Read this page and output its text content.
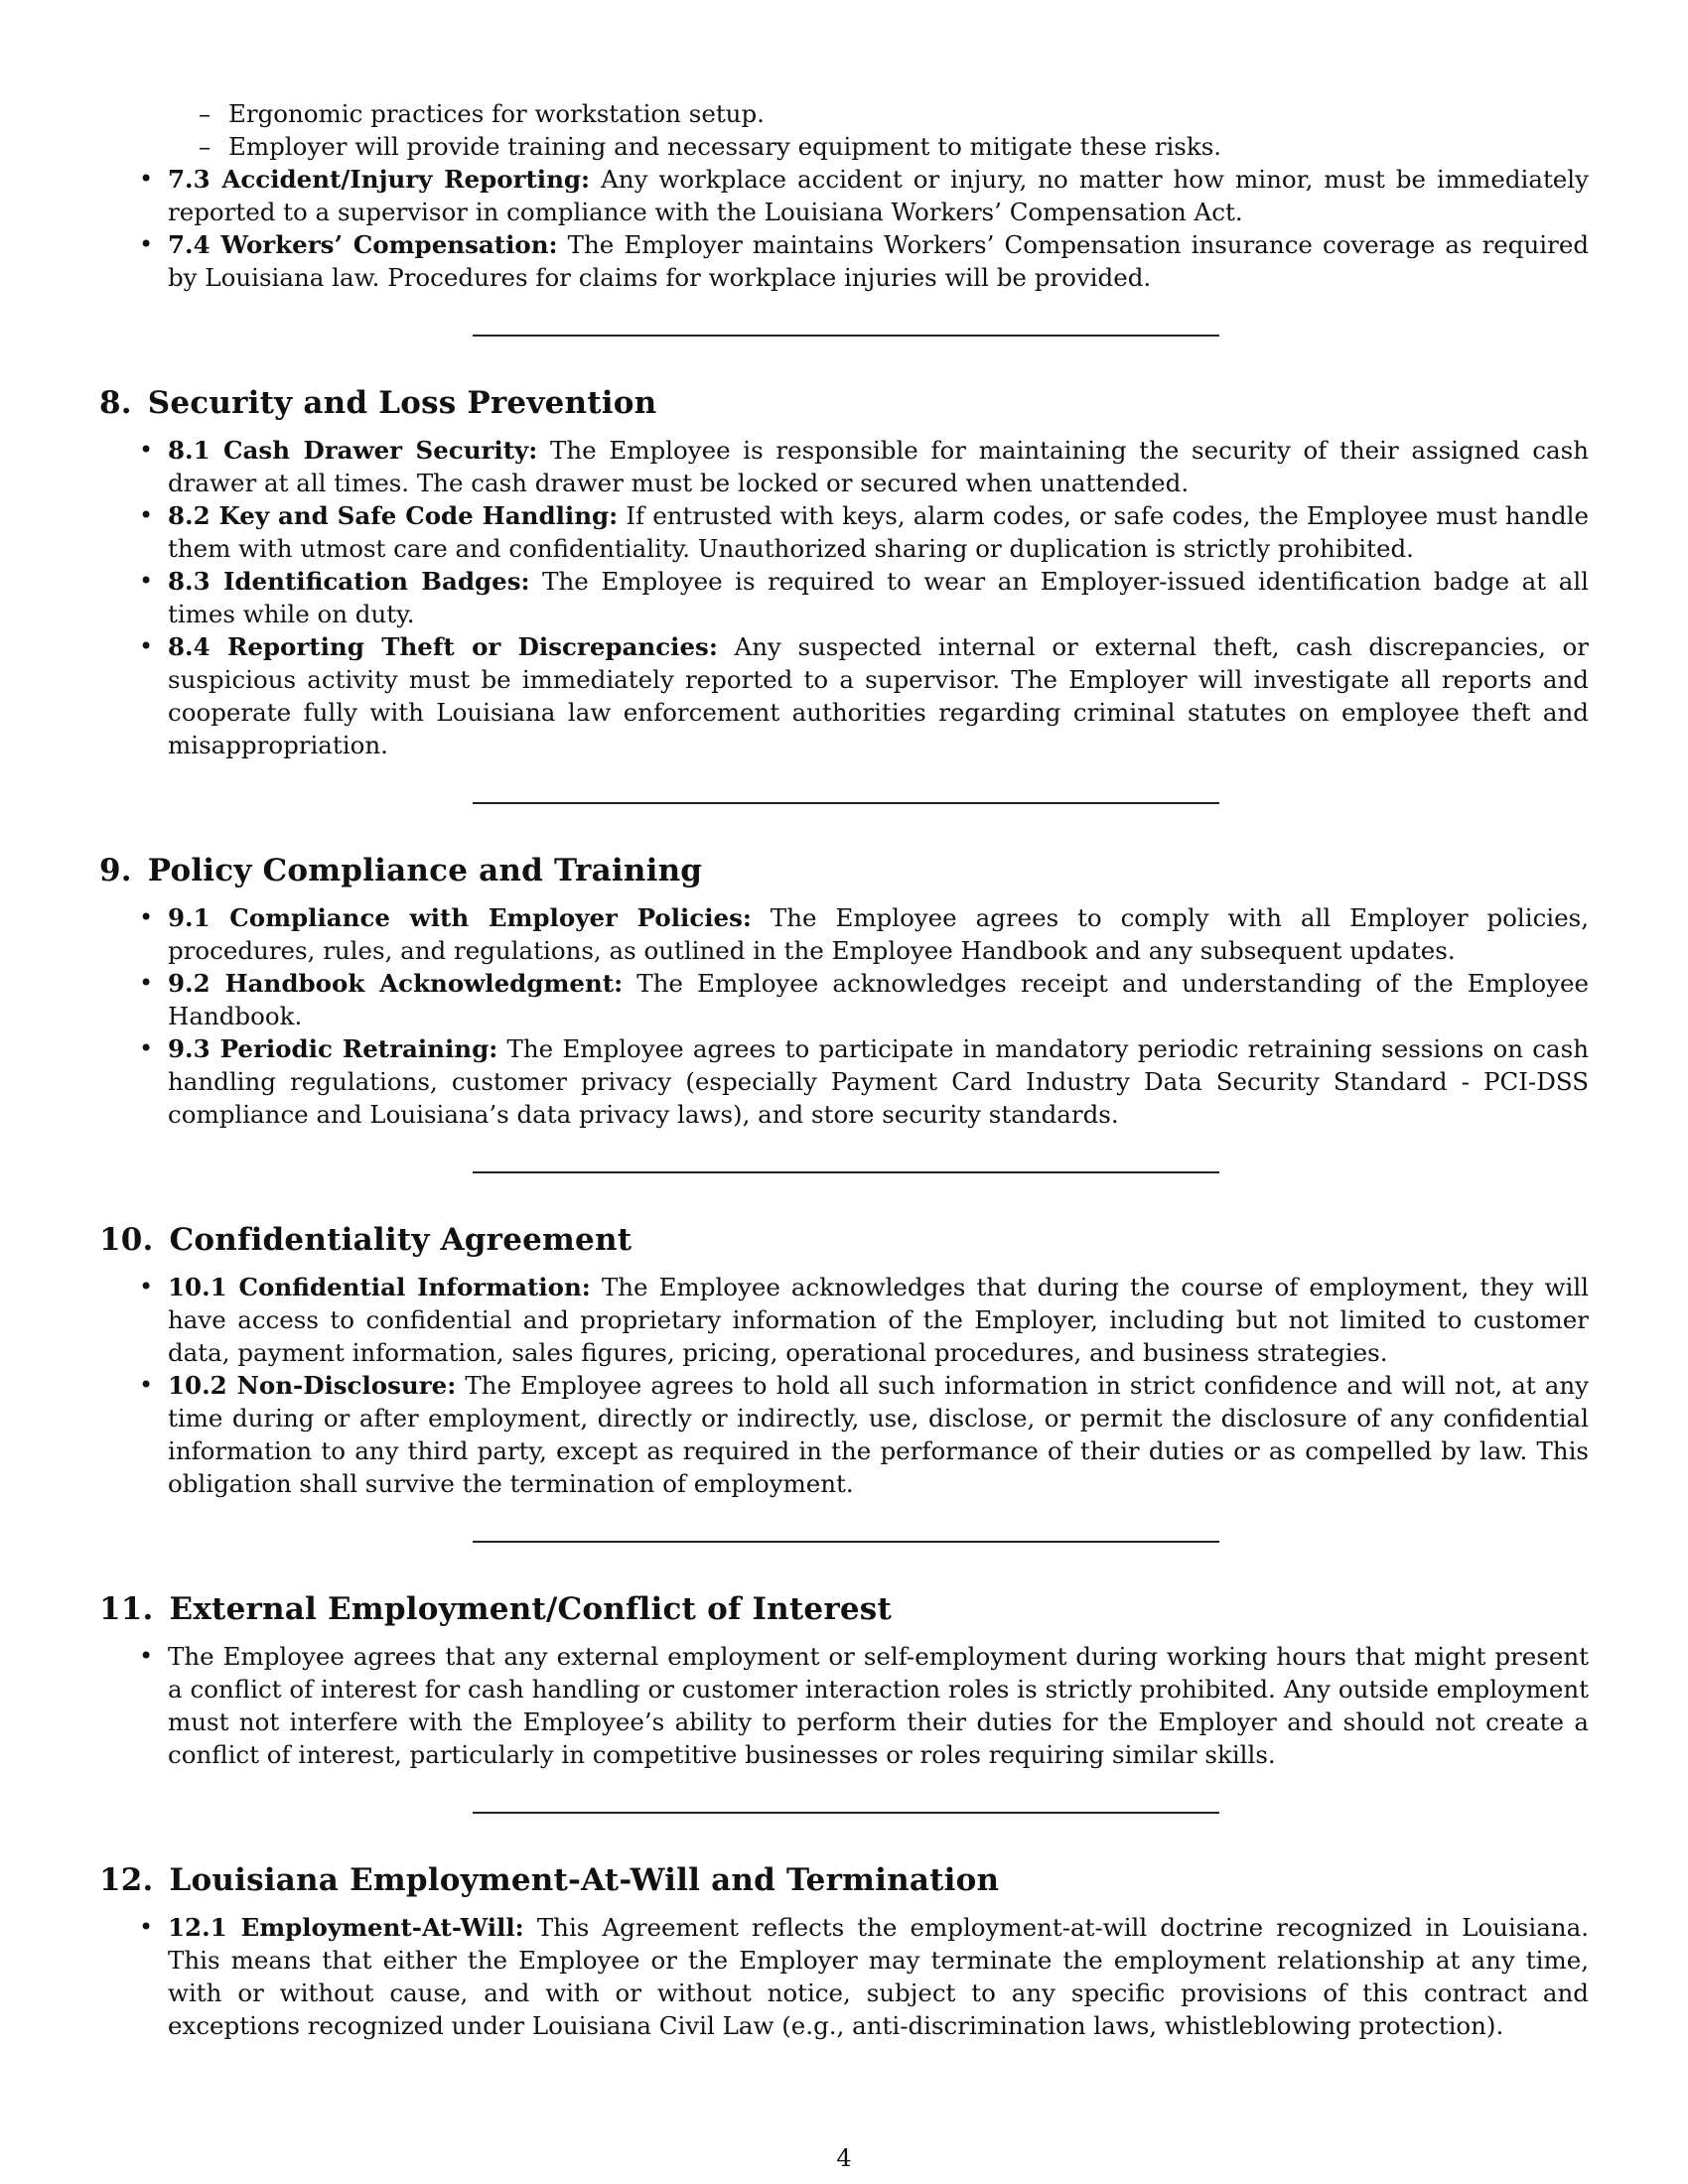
– Ergonomic practices for workstation setup.
– Employer will provide training and necessary equipment to mitigate these risks.
• 7.3 Accident/Injury Reporting: Any workplace accident or injury, no matter how minor, must be immediately reported to a supervisor in compliance with the Louisiana Workers’ Compensation Act.
• 7.4 Workers’ Compensation: The Employer maintains Workers’ Compensation insurance coverage as required by Louisiana law. Procedures for claims for workplace injuries will be provided.
8. Security and Loss Prevention
• 8.1 Cash Drawer Security: The Employee is responsible for maintaining the security of their assigned cash drawer at all times. The cash drawer must be locked or secured when unattended.
• 8.2 Key and Safe Code Handling: If entrusted with keys, alarm codes, or safe codes, the Employee must handle them with utmost care and confidentiality. Unauthorized sharing or duplication is strictly prohibited.
• 8.3 Identification Badges: The Employee is required to wear an Employer-issued identification badge at all times while on duty.
• 8.4 Reporting Theft or Discrepancies: Any suspected internal or external theft, cash discrepancies, or suspicious activity must be immediately reported to a supervisor. The Employer will investigate all reports and cooperate fully with Louisiana law enforcement authorities regarding criminal statutes on employee theft and misappropriation.
9. Policy Compliance and Training
• 9.1 Compliance with Employer Policies: The Employee agrees to comply with all Employer policies, procedures, rules, and regulations, as outlined in the Employee Handbook and any subsequent updates.
• 9.2 Handbook Acknowledgment: The Employee acknowledges receipt and understanding of the Employee Handbook.
• 9.3 Periodic Retraining: The Employee agrees to participate in mandatory periodic retraining sessions on cash handling regulations, customer privacy (especially Payment Card Industry Data Security Standard - PCI-DSS compliance and Louisiana’s data privacy laws), and store security standards.
10. Confidentiality Agreement
• 10.1 Confidential Information: The Employee acknowledges that during the course of employment, they will have access to confidential and proprietary information of the Employer, including but not limited to customer data, payment information, sales figures, pricing, operational procedures, and business strategies.
• 10.2 Non-Disclosure: The Employee agrees to hold all such information in strict confidence and will not, at any time during or after employment, directly or indirectly, use, disclose, or permit the disclosure of any confidential information to any third party, except as required in the performance of their duties or as compelled by law. This obligation shall survive the termination of employment.
11. External Employment/Conflict of Interest
• The Employee agrees that any external employment or self-employment during working hours that might present a conflict of interest for cash handling or customer interaction roles is strictly prohibited. Any outside employment must not interfere with the Employee’s ability to perform their duties for the Employer and should not create a conflict of interest, particularly in competitive businesses or roles requiring similar skills.
12. Louisiana Employment-At-Will and Termination
• 12.1 Employment-At-Will: This Agreement reflects the employment-at-will doctrine recognized in Louisiana. This means that either the Employee or the Employer may terminate the employment relationship at any time, with or without cause, and with or without notice, subject to any specific provisions of this contract and exceptions recognized under Louisiana Civil Law (e.g., anti-discrimination laws, whistleblowing protection).
4
